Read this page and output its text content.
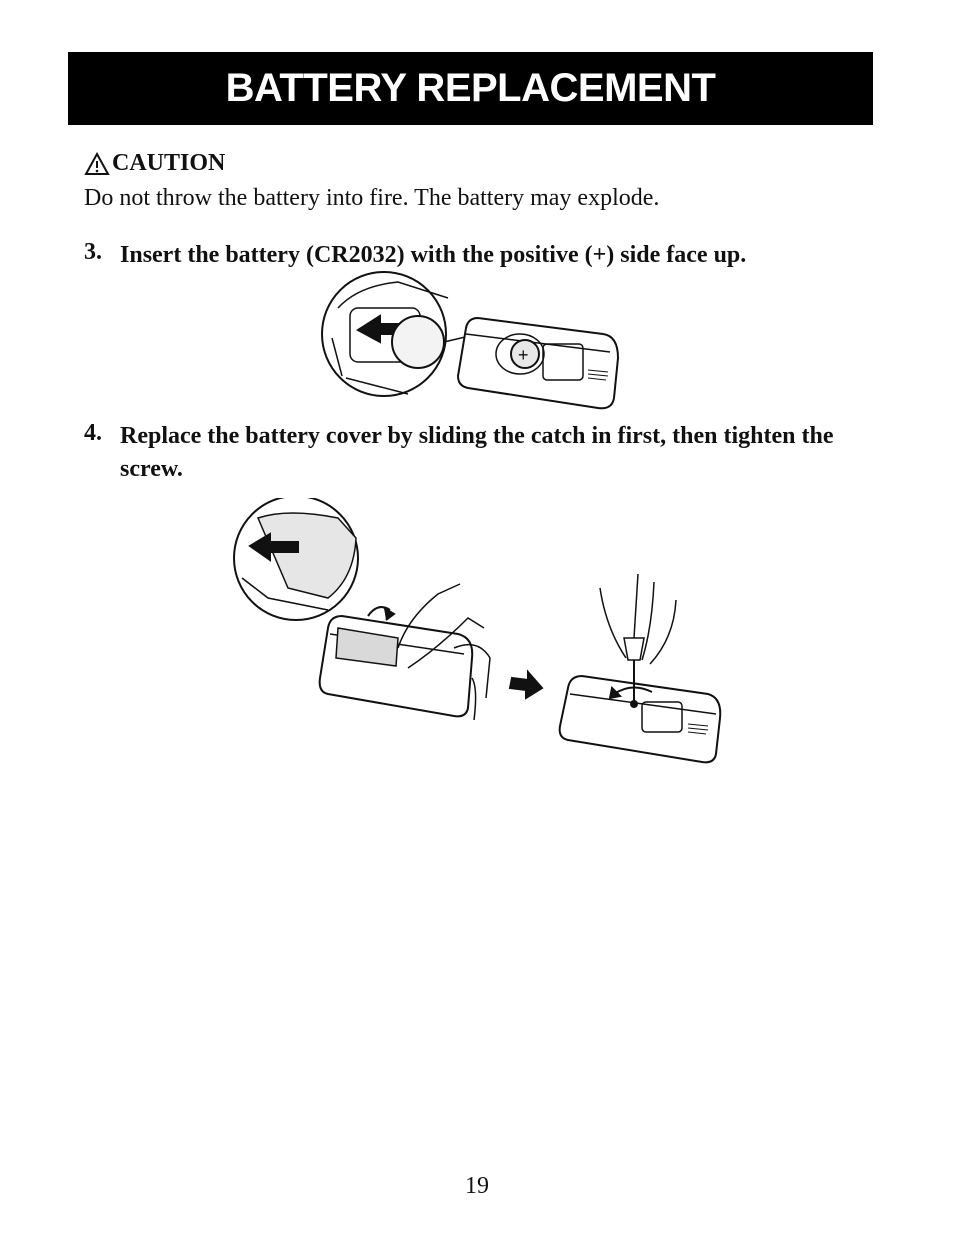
BATTERY REPLACEMENT
CAUTION
Do not throw the battery into fire. The battery may explode.
3. Insert the battery (CR2032) with the positive (+) side face up.
+
4. Replace the battery cover by sliding the catch in first, then tighten the screw.
19
